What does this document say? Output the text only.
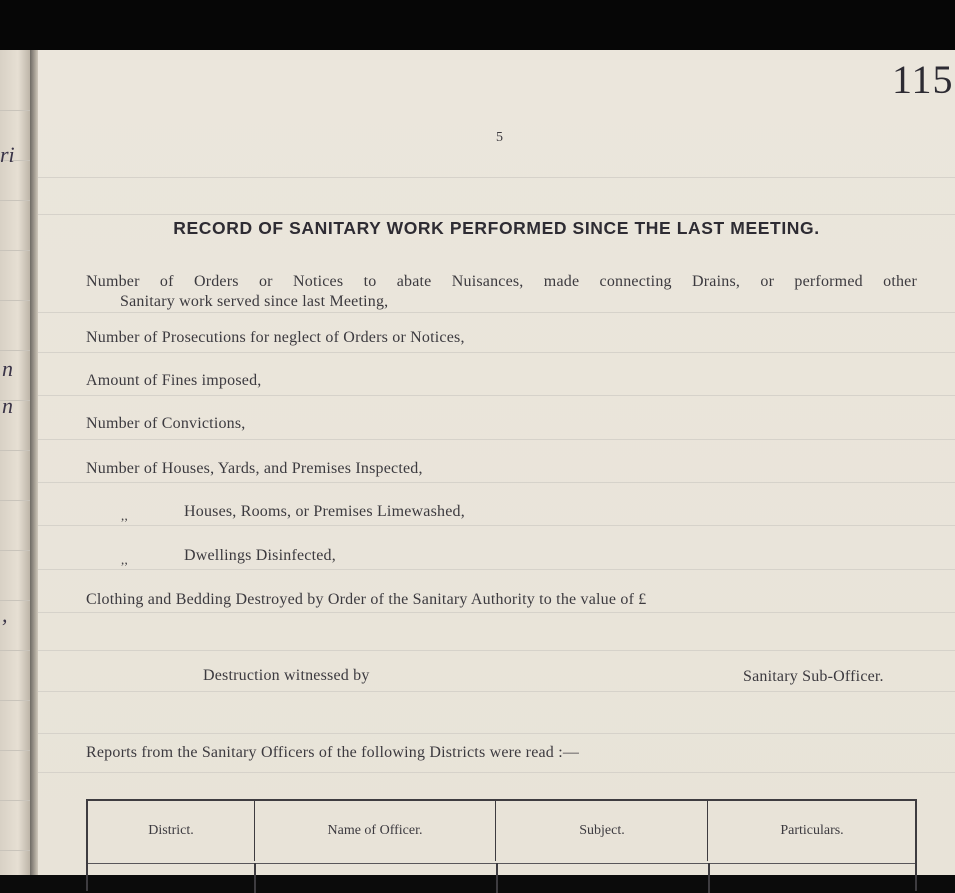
ri
n
n
,
115
5
RECORD OF SANITARY WORK PERFORMED SINCE THE LAST MEETING.
Number of Orders or Notices to abate Nuisances, made connecting Drains, or performed other
Sanitary work served since last Meeting,
Number of Prosecutions for neglect of Orders or Notices,
Amount of Fines imposed,
Number of Convictions,
Number of Houses, Yards, and Premises Inspected,
,,	Houses, Rooms, or Premises Limewashed,
,,	Dwellings Disinfected,
Clothing and Bedding Destroyed by Order of the Sanitary Authority to the value of £
Destruction witnessed by	Sanitary Sub-Officer.
Reports from the Sanitary Officers of the following Districts were read :—
District.	Name of Officer.	Subject.	Particulars.
